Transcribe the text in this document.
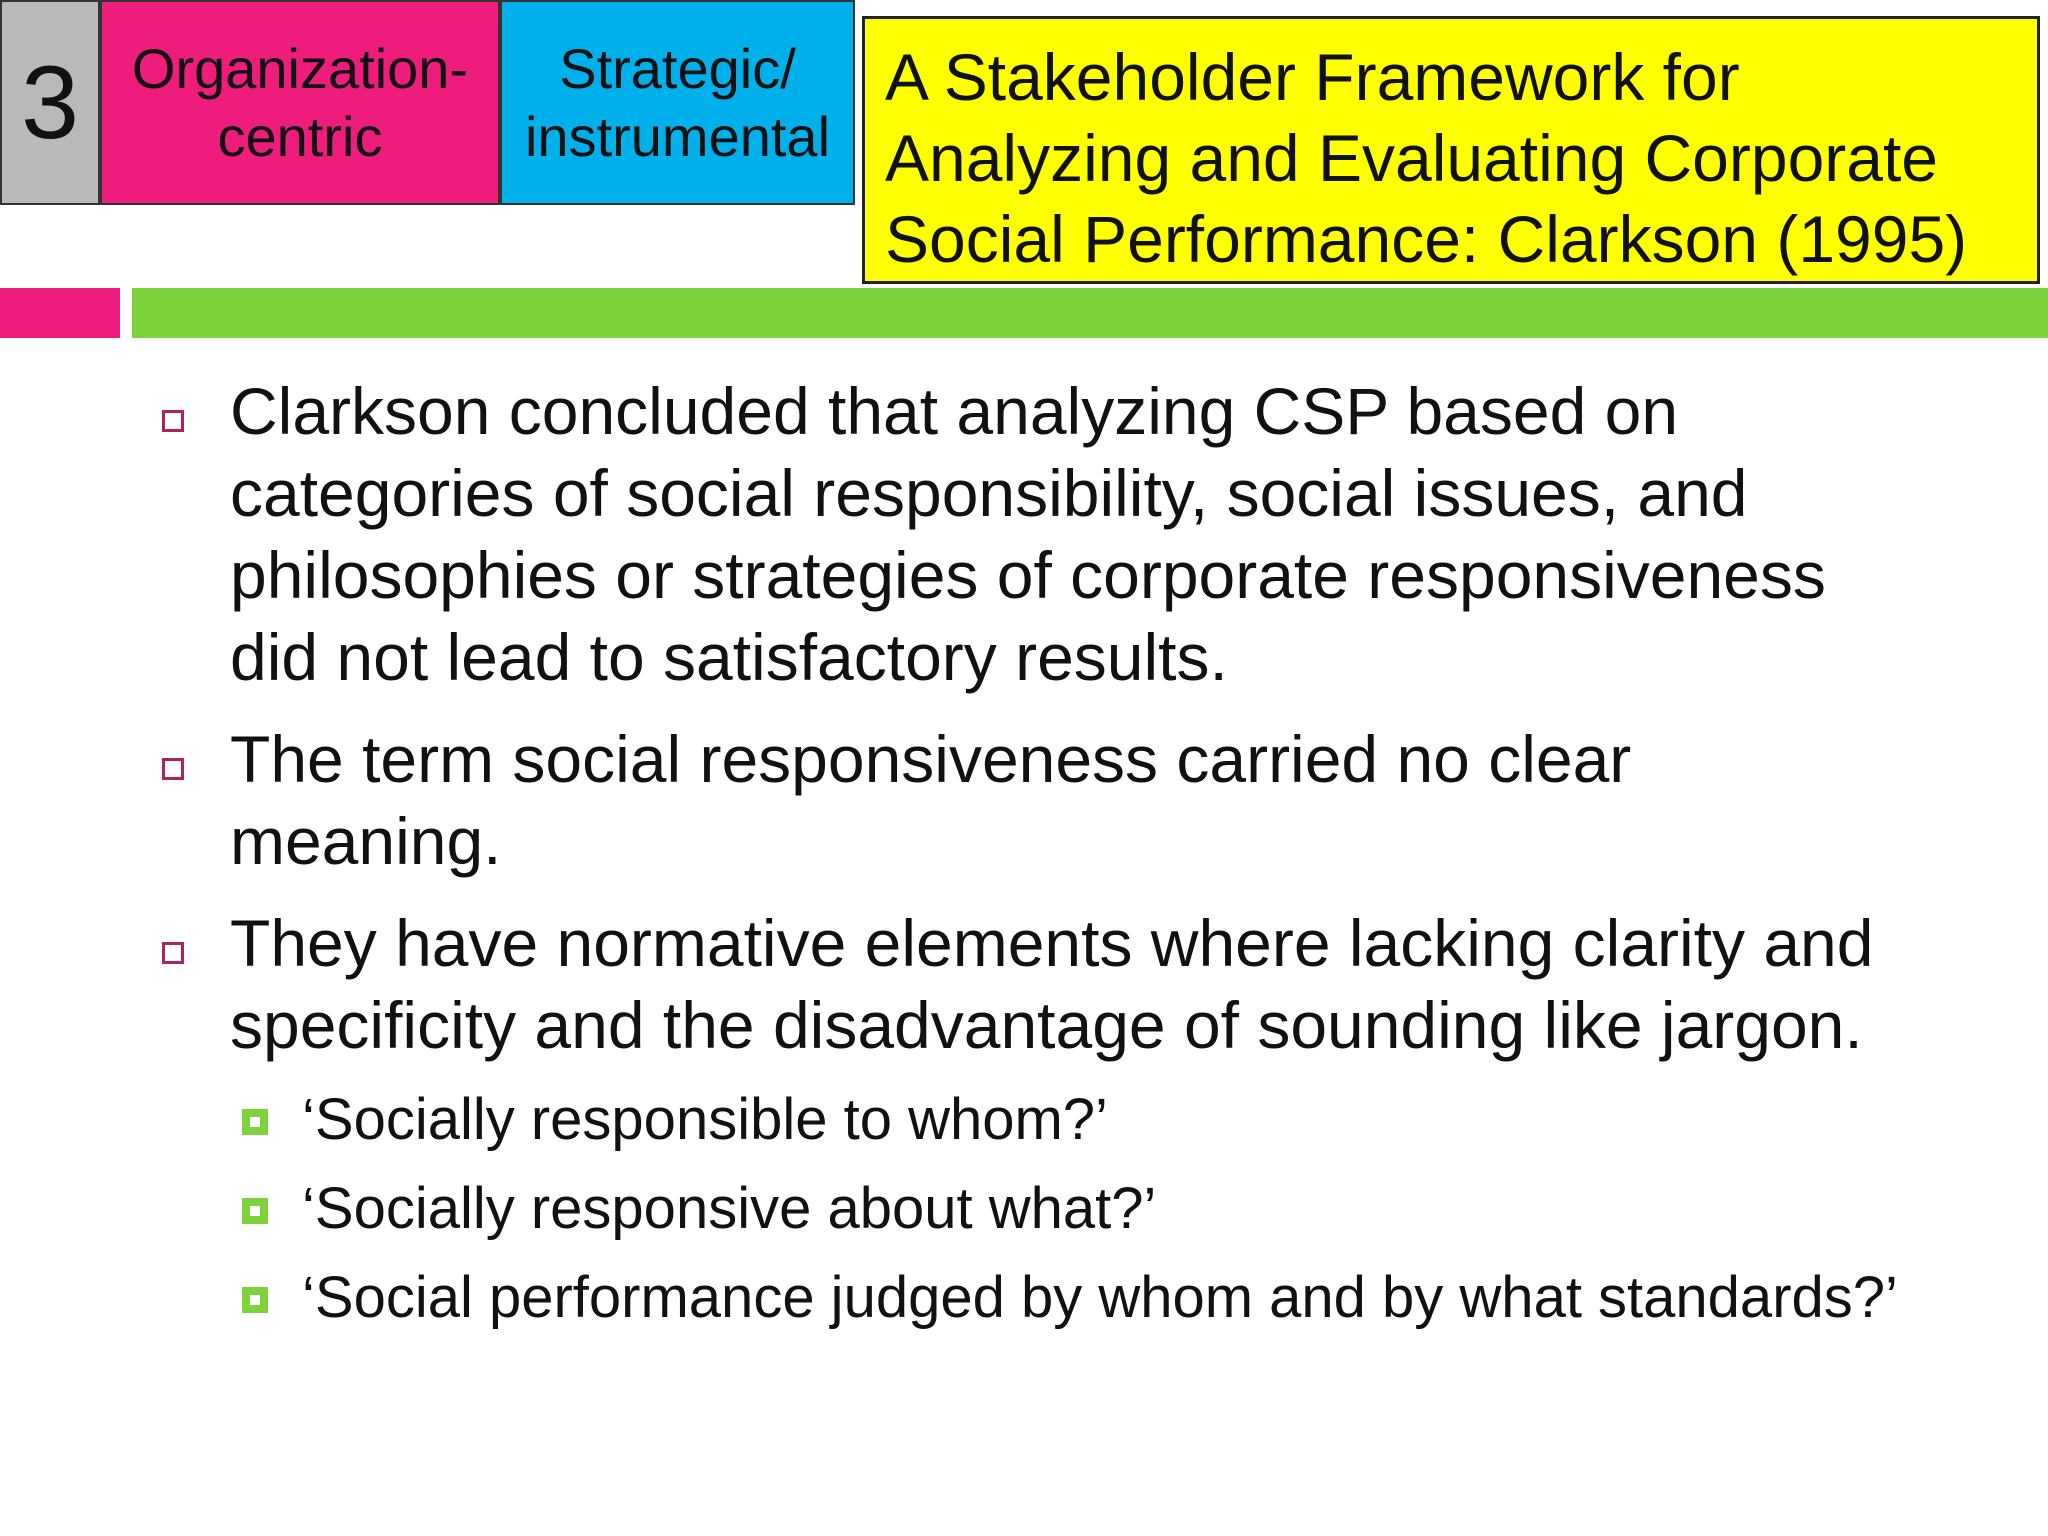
3 Organization-
centric
Strategic/
instrumental
A Stakeholder Framework for
Analyzing and Evaluating Corporate
Social Performance: Clarkson (1995)
Clarkson concluded that analyzing CSP based on
categories of social responsibility, social issues, and
philosophies or strategies of corporate responsiveness
did not lead to satisfactory results.
The term social responsiveness carried no clear
meaning.
They have normative elements where lacking clarity and
specificity and the disadvantage of sounding like jargon.
‘Socially responsible to whom?’
‘Socially responsive about what?’
‘Social performance judged by whom and by what standards?’
